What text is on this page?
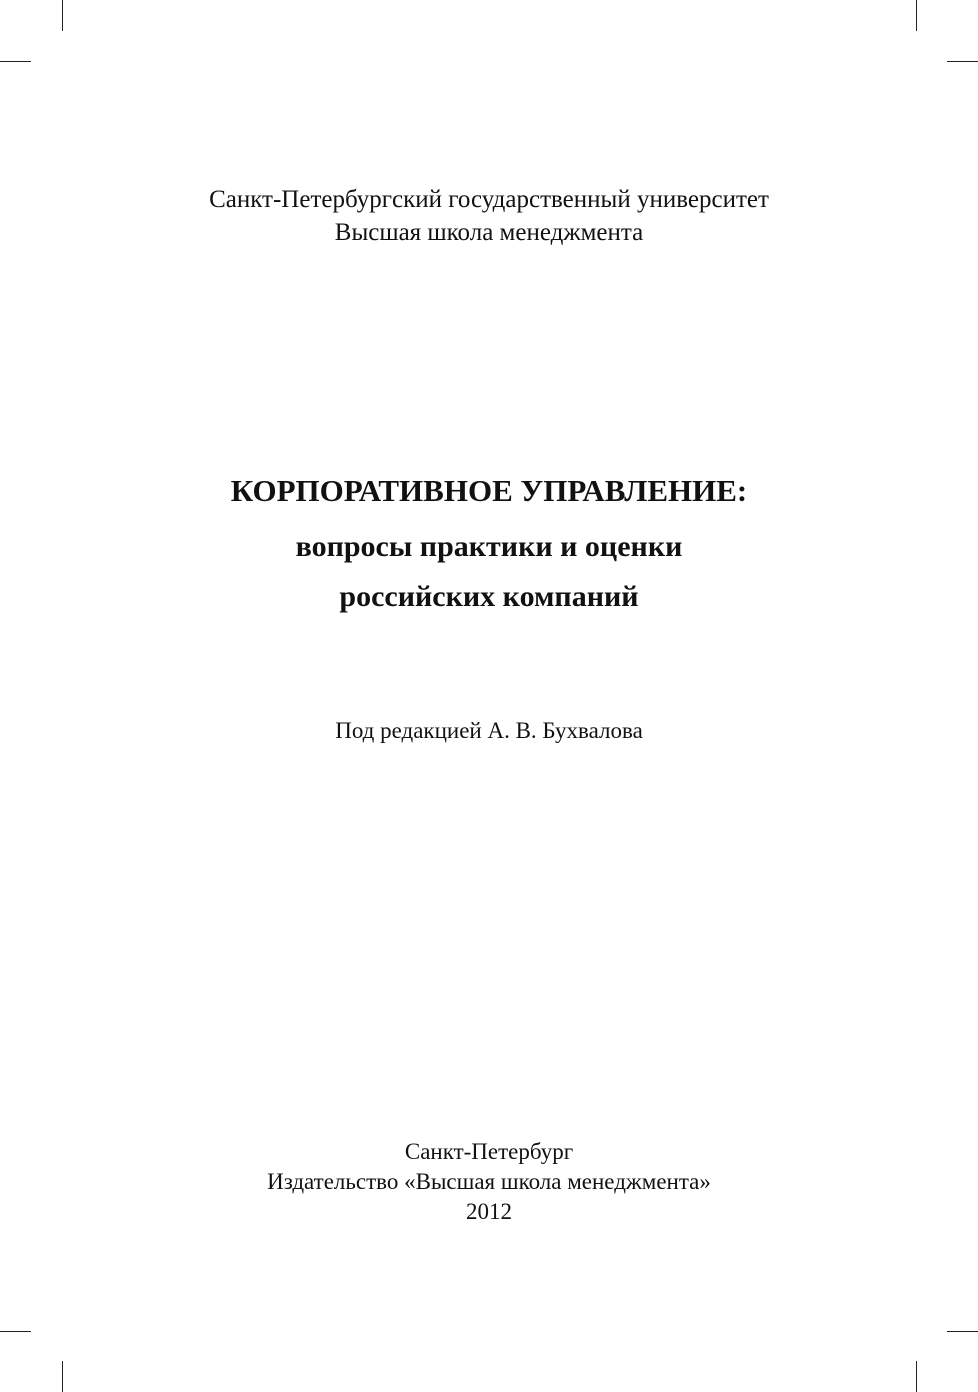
Санкт-Петербургский государственный университет
Высшая школа менеджмента
КОРПОРАТИВНОЕ УПРАВЛЕНИЕ:
вопросы практики и оценки
российских компаний
Под редакцией А. В. Бухвалова
Санкт-Петербург
Издательство «Высшая школа менеджмента»
2012
